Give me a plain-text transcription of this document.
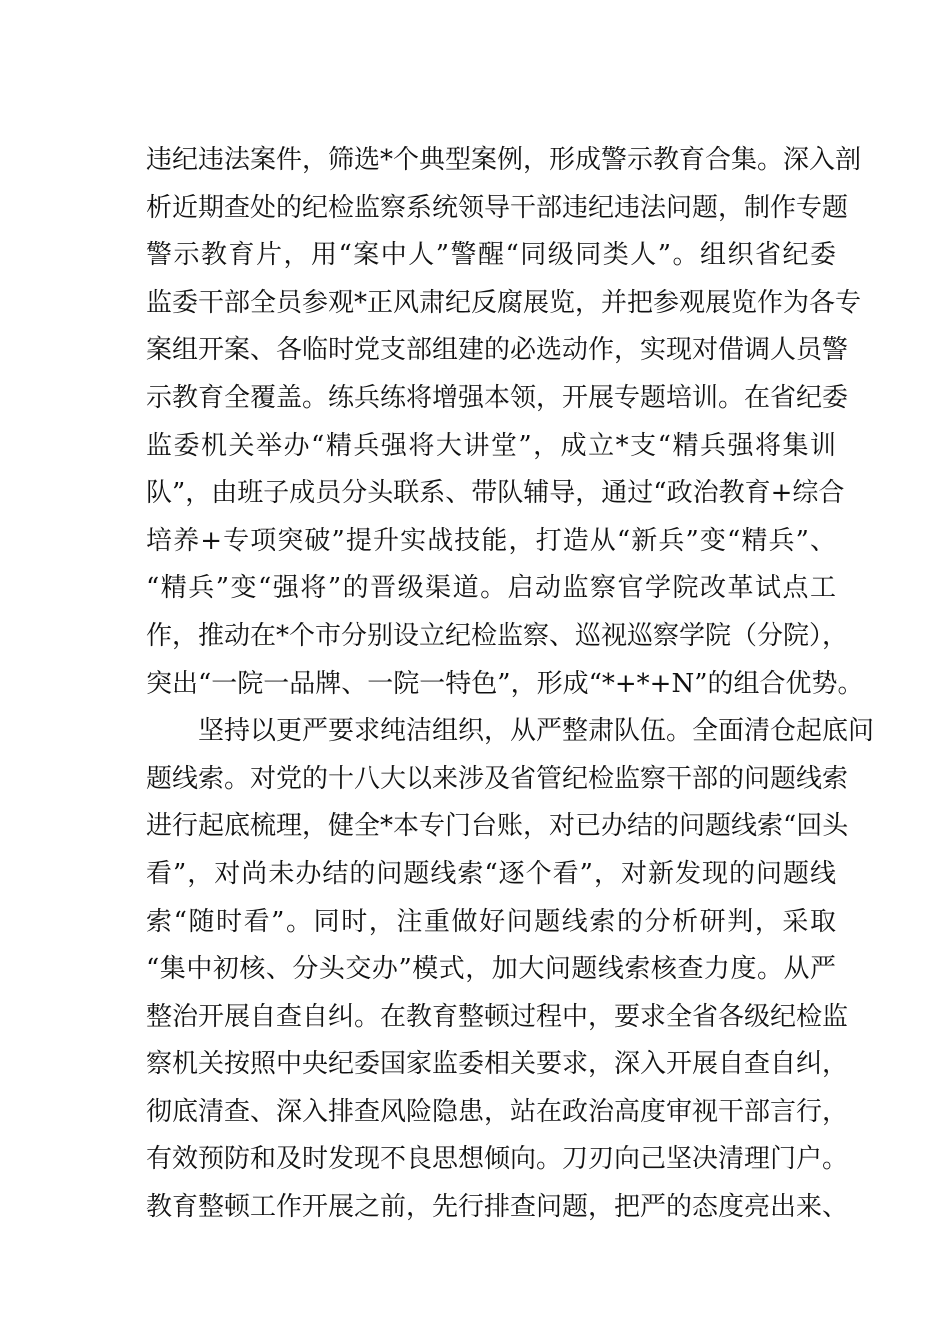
违纪违法案件，筛选*个典型案例，形成警示教育合集。深入剖
析近期查处的纪检监察系统领导干部违纪违法问题，制作专题
警示教育片，用“案中人”警醒“同级同类人”。组织省纪委
监委干部全员参观*正风肃纪反腐展览，并把参观展览作为各专
案组开案、各临时党支部组建的必选动作，实现对借调人员警
示教育全覆盖。练兵练将增强本领，开展专题培训。在省纪委
监委机关举办“精兵强将大讲堂”，成立*支“精兵强将集训
队”，由班子成员分头联系、带队辅导，通过“政治教育+综合
培养+专项突破”提升实战技能，打造从“新兵”变“精兵”、
“精兵”变“强将”的晋级渠道。启动监察官学院改革试点工
作，推动在*个市分别设立纪检监察、巡视巡察学院（分院），
突出“一院一品牌、一院一特色”，形成“*+*+N”的组合优势。
　　坚持以更严要求纯洁组织，从严整肃队伍。全面清仓起底问
题线索。对党的十八大以来涉及省管纪检监察干部的问题线索
进行起底梳理，健全*本专门台账，对已办结的问题线索“回头
看”，对尚未办结的问题线索“逐个看”，对新发现的问题线
索“随时看”。同时，注重做好问题线索的分析研判，采取
“集中初核、分头交办”模式，加大问题线索核查力度。从严
整治开展自查自纠。在教育整顿过程中，要求全省各级纪检监
察机关按照中央纪委国家监委相关要求，深入开展自查自纠，
彻底清查、深入排查风险隐患，站在政治高度审视干部言行，
有效预防和及时发现不良思想倾向。刀刃向己坚决清理门户。
教育整顿工作开展之前，先行排查问题，把严的态度亮出来、
